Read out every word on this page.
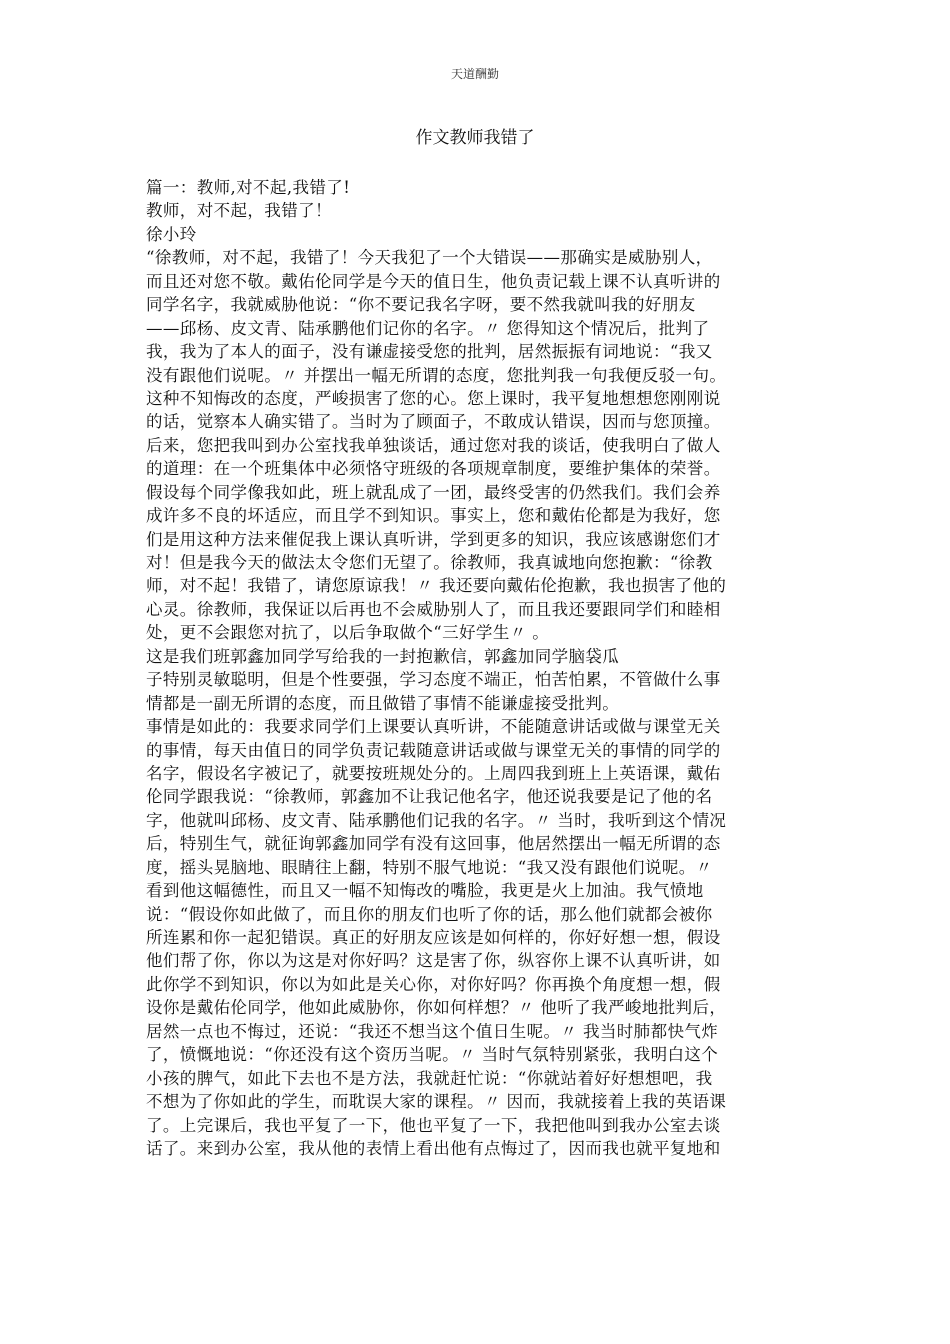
天道酬勤
作文教师我错了
篇一：教师,对不起,我错了!
教师，对不起，我错了！
徐小玲
“徐教师，对不起，我错了！今天我犯了一个大错误——那确实是威胁别人，
而且还对您不敬。戴佑伦同学是今天的值日生，他负责记载上课不认真听讲的
同学名字，我就威胁他说：“你不要记我名字呀，要不然我就叫我的好朋友
——邱杨、皮文青、陆承鹏他们记你的名字。〃 您得知这个情况后，批判了
我，我为了本人的面子，没有谦虚接受您的批判，居然振振有词地说：“我又
没有跟他们说呢。〃 并摆出一幅无所谓的态度，您批判我一句我便反驳一句。
这种不知悔改的态度，严峻损害了您的心。您上课时，我平复地想想您刚刚说
的话，觉察本人确实错了。当时为了顾面子，不敢成认错误，因而与您顶撞。
后来，您把我叫到办公室找我单独谈话，通过您对我的谈话，使我明白了做人
的道理：在一个班集体中必须恪守班级的各项规章制度，要维护集体的荣誉。
假设每个同学像我如此，班上就乱成了一团，最终受害的仍然我们。我们会养
成许多不良的坏适应，而且学不到知识。事实上，您和戴佑伦都是为我好，您
们是用这种方法来催促我上课认真听讲，学到更多的知识，我应该感谢您们才
对！但是我今天的做法太令您们无望了。徐教师，我真诚地向您抱歉：“徐教
师，对不起！我错了，请您原谅我！〃 我还要向戴佑伦抱歉，我也损害了他的
心灵。徐教师，我保证以后再也不会威胁别人了，而且我还要跟同学们和睦相
处，更不会跟您对抗了，以后争取做个“三好学生〃 。
这是我们班郭鑫加同学写给我的一封抱歉信，郭鑫加同学脑袋瓜
子特别灵敏聪明，但是个性要强，学习态度不端正，怕苦怕累，不管做什么事
情都是一副无所谓的态度，而且做错了事情不能谦虚接受批判。
事情是如此的：我要求同学们上课要认真听讲，不能随意讲话或做与课堂无关
的事情，每天由值日的同学负责记载随意讲话或做与课堂无关的事情的同学的
名字，假设名字被记了，就要按班规处分的。上周四我到班上上英语课，戴佑
伦同学跟我说：“徐教师，郭鑫加不让我记他名字，他还说我要是记了他的名
字，他就叫邱杨、皮文青、陆承鹏他们记我的名字。〃 当时，我听到这个情况
后，特别生气，就征询郭鑫加同学有没有这回事，他居然摆出一幅无所谓的态
度，摇头晃脑地、眼睛往上翻，特别不服气地说：“我又没有跟他们说呢。〃
看到他这幅德性，而且又一幅不知悔改的嘴脸，我更是火上加油。我气愤地
说：“假设你如此做了，而且你的朋友们也听了你的话，那么他们就都会被你
所连累和你一起犯错误。真正的好朋友应该是如何样的，你好好想一想，假设
他们帮了你，你以为这是对你好吗？这是害了你，纵容你上课不认真听讲，如
此你学不到知识，你以为如此是关心你，对你好吗？你再换个角度想一想，假
设你是戴佑伦同学，他如此威胁你，你如何样想？〃 他听了我严峻地批判后，
居然一点也不悔过，还说：“我还不想当这个值日生呢。〃 我当时肺都快气炸
了，愤慨地说：“你还没有这个资历当呢。〃 当时气氛特别紧张，我明白这个
小孩的脾气，如此下去也不是方法，我就赶忙说：“你就站着好好想想吧，我
不想为了你如此的学生，而耽误大家的课程。〃 因而，我就接着上我的英语课
了。上完课后，我也平复了一下，他也平复了一下，我把他叫到我办公室去谈
话了。来到办公室，我从他的表情上看出他有点悔过了，因而我也就平复地和
